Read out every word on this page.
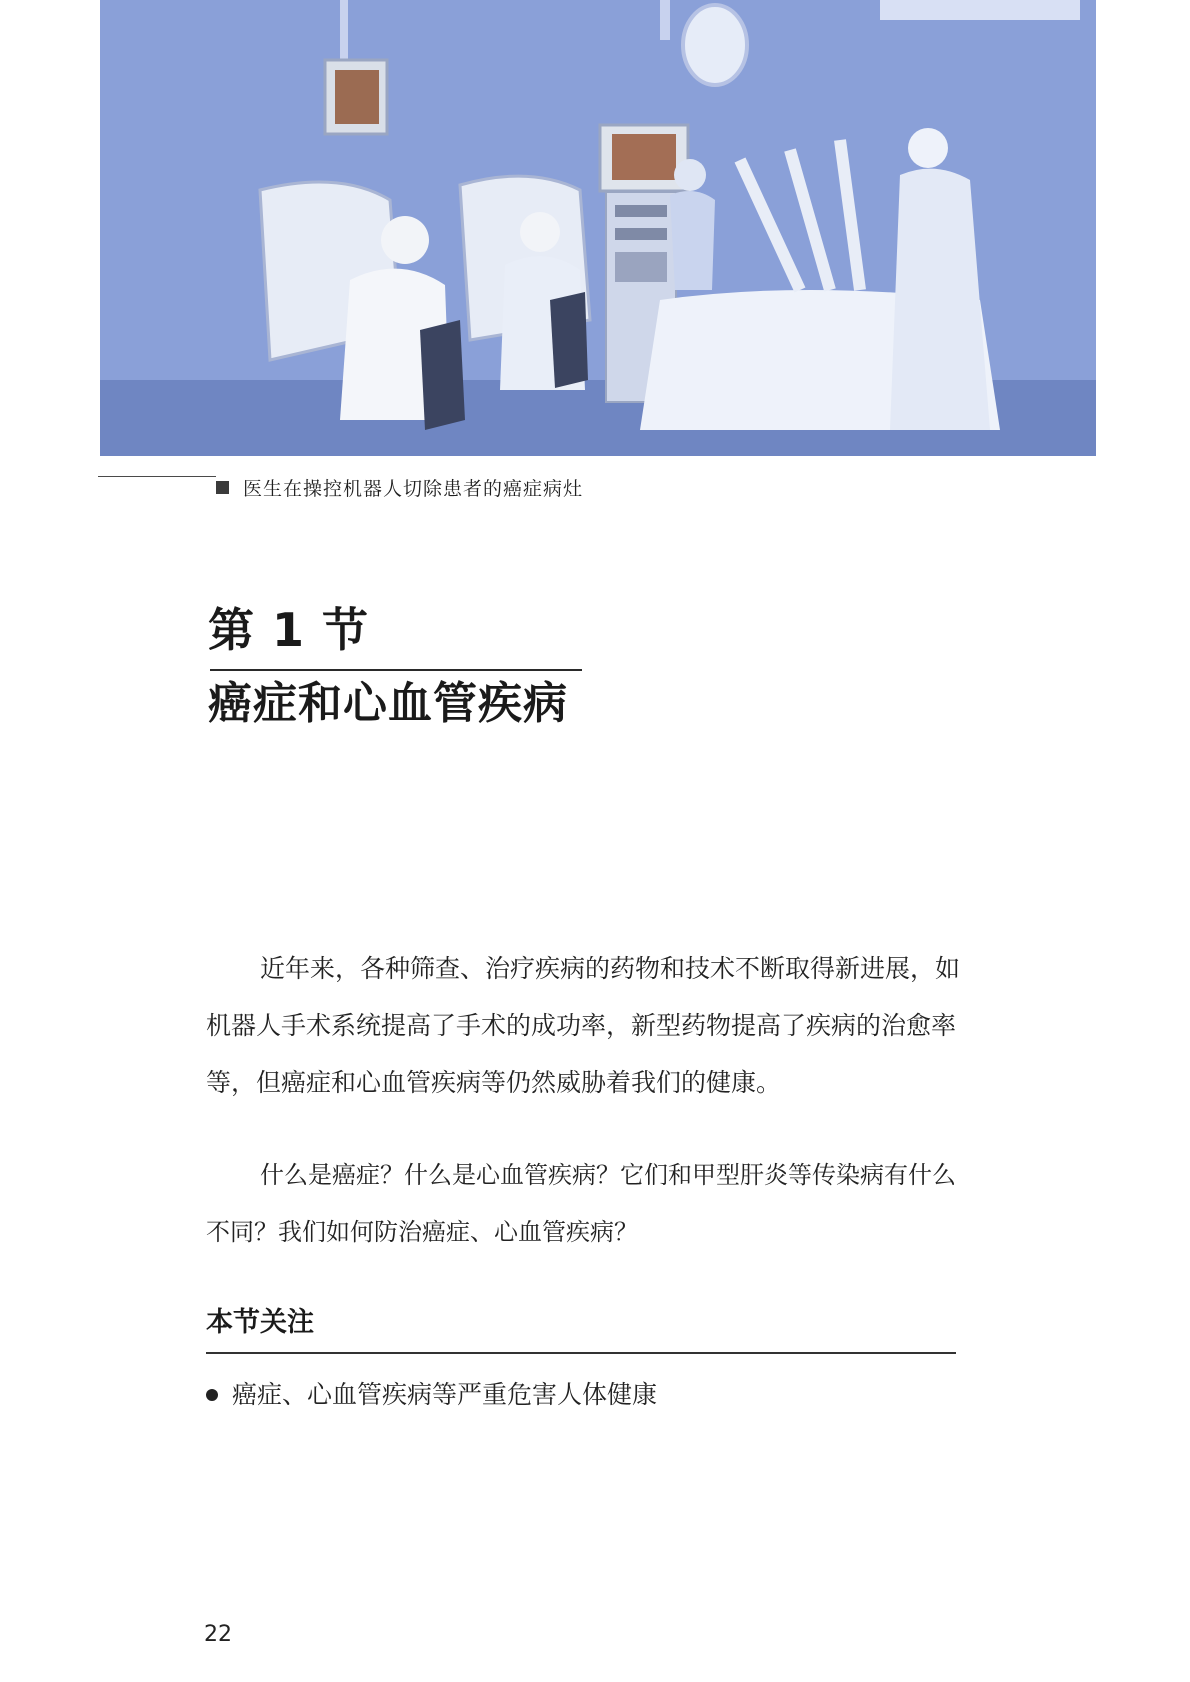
医生在操控机器人切除患者的癌症病灶
第 1 节
癌症和心血管疾病

近年来，各种筛查、治疗疾病的药物和技术不断取得新进展，如机器人手术系统提高了手术的成功率，新型药物提高了疾病的治愈率等，但癌症和心血管疾病等仍然威胁着我们的健康。

什么是癌症？什么是心血管疾病？它们和甲型肝炎等传染病有什么不同？我们如何防治癌症、心血管疾病？

本节关注
癌症、心血管疾病等严重危害人体健康
22
